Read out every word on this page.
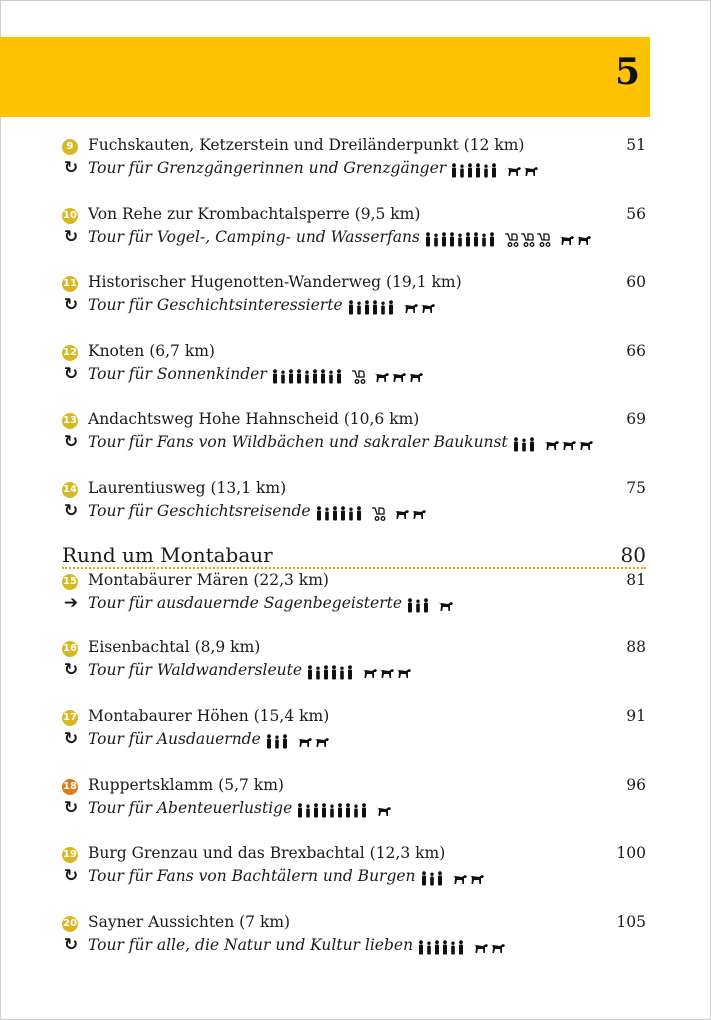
5
9 Fuchskauten, Ketzerstein und Dreiländerpunkt (12 km)	51
↻ Tour für Grenzgängerinnen und Grenzgänger
10 Von Rehe zur Krombachtalsperre (9,5 km)	56
↻ Tour für Vogel-, Camping- und Wasserfans
11 Historischer Hugenotten-Wanderweg (19,1 km)	60
↻ Tour für Geschichtsinteressierte
12 Knoten (6,7 km)	66
↻ Tour für Sonnenkinder
13 Andachtsweg Hohe Hahnscheid (10,6 km)	69
↻ Tour für Fans von Wildbächen und sakraler Baukunst
14 Laurentiusweg (13,1 km)	75
↻ Tour für Geschichtsreisende
Rund um Montabaur	80
15 Montabäurer Mären (22,3 km)	81
➔ Tour für ausdauernde Sagenbegeisterte
16 Eisenbachtal (8,9 km)	88
↻ Tour für Waldwandersleute
17 Montabaurer Höhen (15,4 km)	91
↻ Tour für Ausdauernde
18 Ruppertsklamm (5,7 km)	96
↻ Tour für Abenteuerlustige
19 Burg Grenzau und das Brexbachtal (12,3 km)	100
↻ Tour für Fans von Bachtälern und Burgen
20 Sayner Aussichten (7 km)	105
↻ Tour für alle, die Natur und Kultur lieben
